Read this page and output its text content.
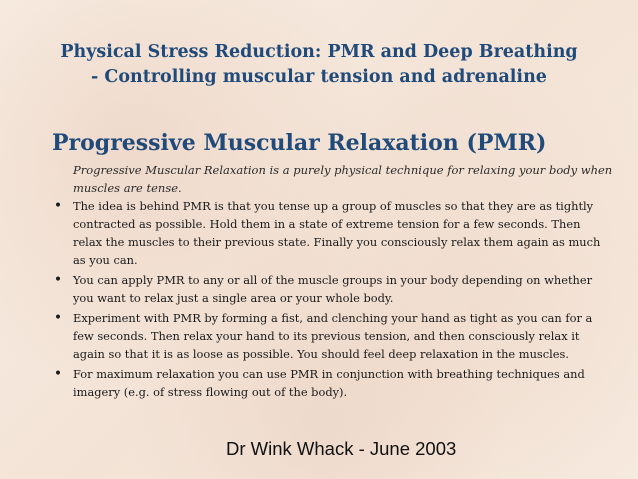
Physical Stress Reduction: PMR and Deep Breathing
- Controlling muscular tension and adrenaline
Progressive Muscular Relaxation (PMR)
Progressive Muscular Relaxation is a purely physical technique for relaxing your body when muscles are tense.
• The idea is behind PMR is that you tense up a group of muscles so that they are as tightly contracted as possible. Hold them in a state of extreme tension for a few seconds. Then relax the muscles to their previous state. Finally you consciously relax them again as much as you can.
• You can apply PMR to any or all of the muscle groups in your body depending on whether you want to relax just a single area or your whole body.
• Experiment with PMR by forming a fist, and clenching your hand as tight as you can for a few seconds. Then relax your hand to its previous tension, and then consciously relax it again so that it is as loose as possible. You should feel deep relaxation in the muscles.
• For maximum relaxation you can use PMR in conjunction with breathing techniques and imagery (e.g. of stress flowing out of the body).
Dr Wink Whack - June 2003
